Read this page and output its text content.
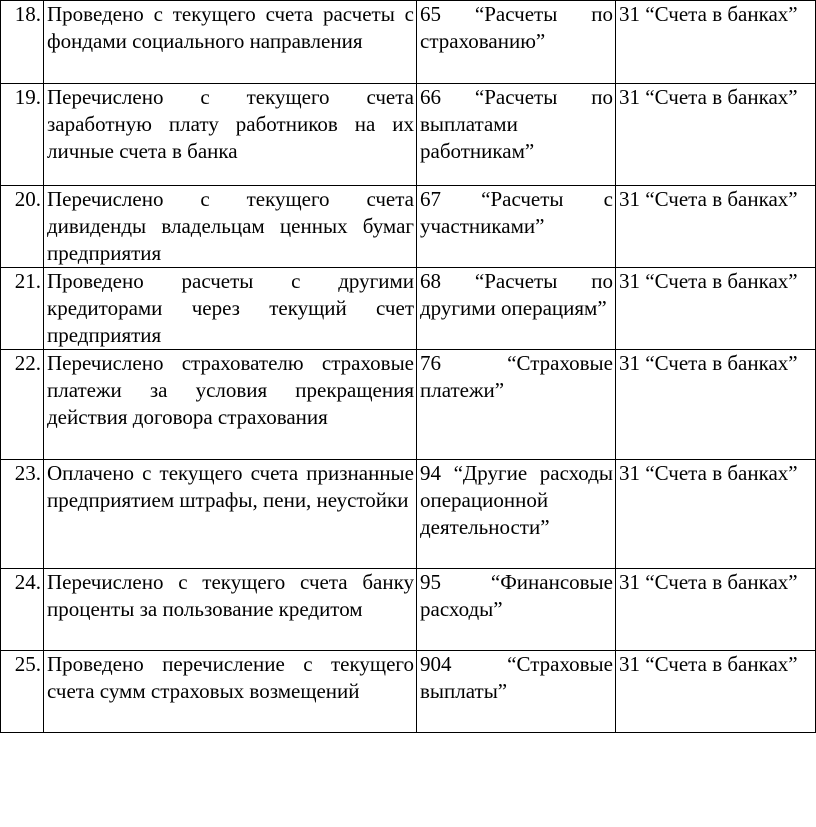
18.	Проведено с текущего счета расчеты с фондами социального направления	65 “Расчеты по страхованию”	31 “Счета в банках”
19.	Перечислено с текущего счета заработную плату работников на их личные счета в банка	66 “Расчеты по выплатами работникам”	31 “Счета в банках”
20.	Перечислено с текущего счета дивиденды владельцам ценных бумаг предприятия	67 “Расчеты с участниками”	31 “Счета в банках”
21.	Проведено расчеты с другими кредиторами через текущий счет предприятия	68 “Расчеты по другими операциям”	31 “Счета в банках”
22.	Перечислено страхователю страховые платежи за условия прекращения действия договора страхования	76 “Страховые платежи”	31 “Счета в банках”
23.	Оплачено с текущего счета признанные предприятием штрафы, пени, неустойки	94 “Другие расходы операционной деятельности”	31 “Счета в банках”
24.	Перечислено с текущего счета банку проценты за пользование кредитом	95 “Финансовые расходы”	31 “Счета в банках”
25.	Проведено перечисление с текущего счета сумм страховых возмещений	904 “Страховые выплаты”	31 “Счета в банках”
